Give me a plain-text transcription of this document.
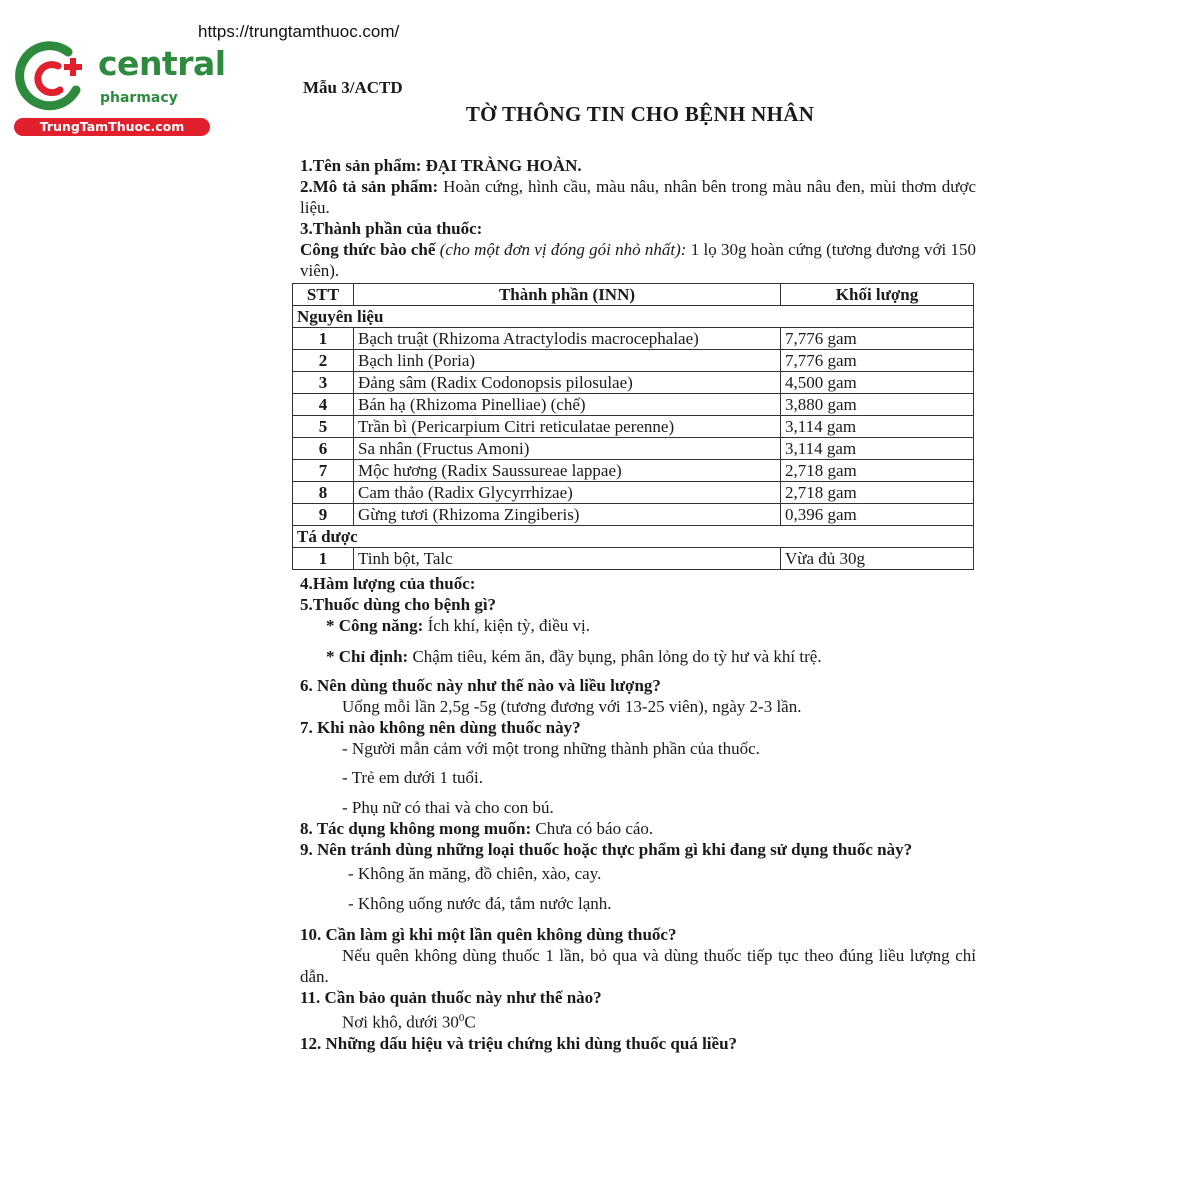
https://trungtamthuoc.com/
central
pharmacy
TrungTamThuoc.com
Mẫu 3/ACTD
TỜ THÔNG TIN CHO BỆNH NHÂN

1.Tên sản phẩm: ĐẠI TRÀNG HOÀN.

2.Mô tả sản phẩm: Hoàn cứng, hình cầu, màu nâu, nhân bên trong màu nâu đen, mùi thơm dược liệu.

3.Thành phần của thuốc:

Công thức bào chế (cho một đơn vị đóng gói nhỏ nhất): 1 lọ 30g hoàn cứng (tương đương với 150 viên).

STT	Thành phần (INN)	Khối lượng
Nguyên liệu		
1	Bạch truật (Rhizoma Atractylodis macrocephalae)	7,776 gam
2	Bạch linh (Poria)	7,776 gam
3	Đảng sâm (Radix Codonopsis pilosulae)	4,500 gam
4	Bán hạ (Rhizoma Pinelliae) (chế)	3,880 gam
5	Trần bì (Pericarpium Citri reticulatae perenne)	3,114 gam
6	Sa nhân (Fructus Amoni)	3,114 gam
7	Mộc hương (Radix Saussureae lappae)	2,718 gam
8	Cam thảo (Radix Glycyrrhizae)	2,718 gam
9	Gừng tươi (Rhizoma Zingiberis)	0,396 gam
Tá dược		
1	Tinh bột, Talc	Vừa đủ 30g

4.Hàm lượng của thuốc:

5.Thuốc dùng cho bệnh gì?

* Công năng: Ích khí, kiện tỳ, điều vị.

* Chỉ định: Chậm tiêu, kém ăn, đầy bụng, phân lỏng do tỳ hư và khí trệ.

6. Nên dùng thuốc này như thế nào và liều lượng?

Uống mỗi lần 2,5g -5g (tương đương với 13-25 viên), ngày 2-3 lần.

7. Khi nào không nên dùng thuốc này?

- Người mẫn cảm với một trong những thành phần của thuốc.

- Trẻ em dưới 1 tuổi.

- Phụ nữ có thai và cho con bú.

8. Tác dụng không mong muốn: Chưa có báo cáo.

9. Nên tránh dùng những loại thuốc hoặc thực phẩm gì khi đang sử dụng thuốc này?

- Không ăn măng, đồ chiên, xào, cay.

- Không uống nước đá, tắm nước lạnh.

10. Cần làm gì khi một lần quên không dùng thuốc?

Nếu quên không dùng thuốc 1 lần, bỏ qua và dùng thuốc tiếp tục theo đúng liều lượng chỉ dẫn.

11. Cần bảo quản thuốc này như thế nào?

Nơi khô, dưới $30^0C$

12. Những dấu hiệu và triệu chứng khi dùng thuốc quá liều?
